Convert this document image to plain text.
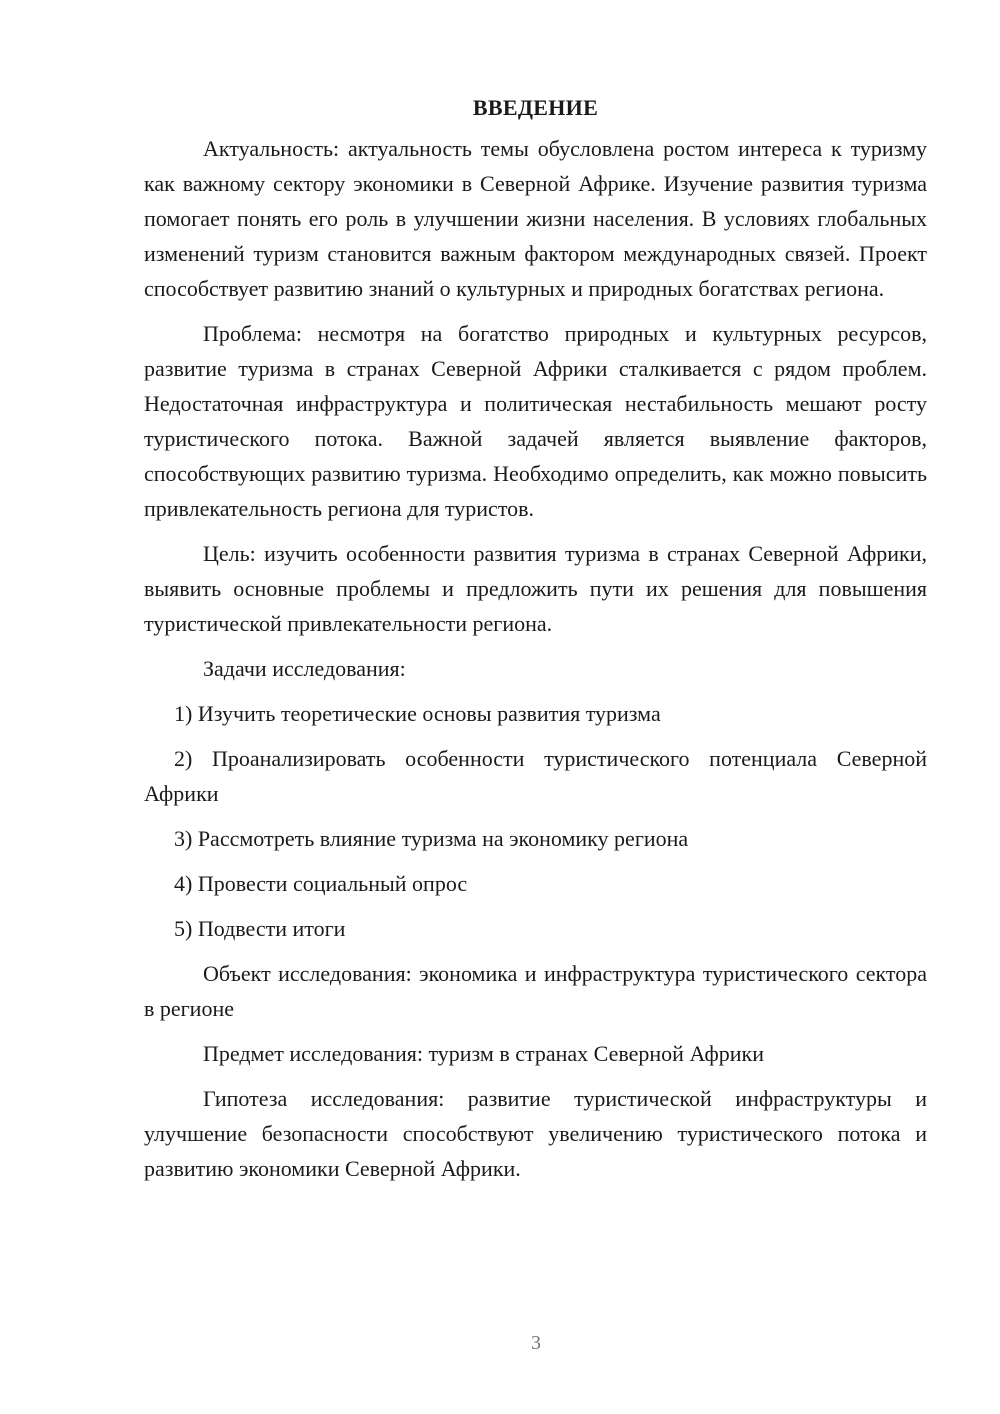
ВВЕДЕНИЕ

Актуальность: актуальность темы обусловлена ростом интереса к туризму как важному сектору экономики в Северной Африке. Изучение развития туризма помогает понять его роль в улучшении жизни населения. В условиях глобальных изменений туризм становится важным фактором международных связей. Проект способствует развитию знаний о культурных и природных богатствах региона.

Проблема: несмотря на богатство природных и культурных ресурсов, развитие туризма в странах Северной Африки сталкивается с рядом проблем. Недостаточная инфраструктура и политическая нестабильность мешают росту туристического потока. Важной задачей является выявление факторов, способствующих развитию туризма. Необходимо определить, как можно повысить привлекательность региона для туристов.

Цель: изучить особенности развития туризма в странах Северной Африки, выявить основные проблемы и предложить пути их решения для повышения туристической привлекательности региона.

Задачи исследования:

1) Изучить теоретические основы развития туризма

2) Проанализировать особенности туристического потенциала Северной Африки

3) Рассмотреть влияние туризма на экономику региона

4) Провести социальный опрос

5) Подвести итоги

Объект исследования: экономика и инфраструктура туристического сектора в регионе

Предмет исследования: туризм в странах Северной Африки

Гипотеза исследования: развитие туристической инфраструктуры и улучшение безопасности способствуют увеличению туристического потока и развитию экономики Северной Африки.

3
